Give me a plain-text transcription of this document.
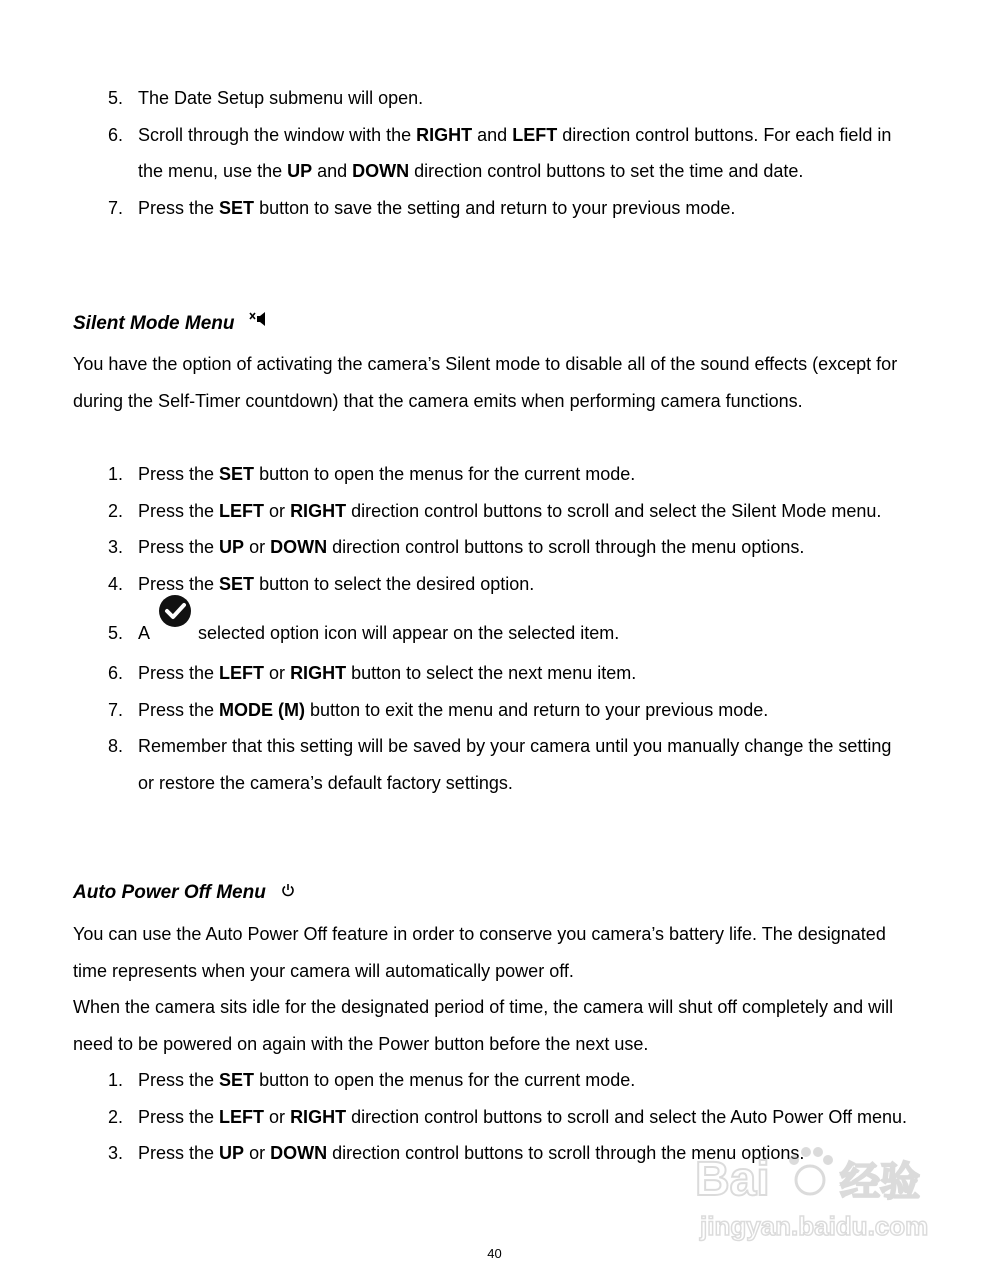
5. The Date Setup submenu will open.
6. Scroll through the window with the RIGHT and LEFT direction control buttons. For each field in the menu, use the UP and DOWN direction control buttons to set the time and date.
7. Press the SET button to save the setting and return to your previous mode.
Silent Mode Menu

You have the option of activating the camera’s Silent mode to disable all of the sound effects (except for during the Self-Timer countdown) that the camera emits when performing camera functions.

1. Press the SET button to open the menus for the current mode.
2. Press the LEFT or RIGHT direction control buttons to scroll and select the Silent Mode menu.
3. Press the UP or DOWN direction control buttons to scroll through the menu options.
4. Press the SET button to select the desired option.
5. A	selected option icon will appear on the selected item.
6. Press the LEFT or RIGHT button to select the next menu item.
7. Press the MODE (M) button to exit the menu and return to your previous mode.
8. Remember that this setting will be saved by your camera until you manually change the setting or restore the camera’s default factory settings.
Auto Power Off Menu

You can use the Auto Power Off feature in order to conserve you camera’s battery life. The designated time represents when your camera will automatically power off.

When the camera sits idle for the designated period of time, the camera will shut off completely and will need to be powered on again with the Power button before the next use.

1. Press the SET button to open the menus for the current mode.
2. Press the LEFT or RIGHT direction control buttons to scroll and select the Auto Power Off menu.
3. Press the UP or DOWN direction control buttons to scroll through the menu options.
Bai 经验
jingyan.baidu.com
40
